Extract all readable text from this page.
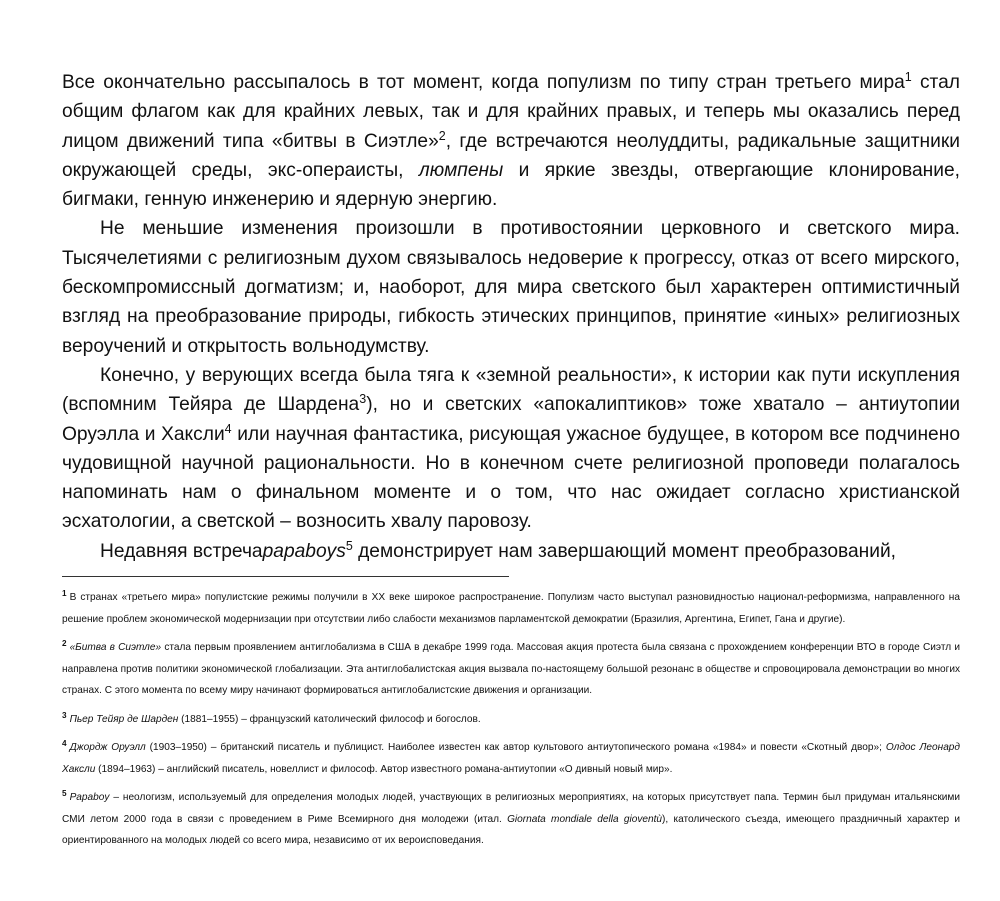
Все окончательно рассыпалось в тот момент, когда популизм по типу стран третьего мира$^1$ стал общим флагом как для крайних левых, так и для крайних правых, и теперь мы оказались перед лицом движений типа «битвы в Сиэтле»$^2$, где встречаются неолуддиты, радикальные защитники окружающей среды, экс-операисты, люмпены и яркие звезды, отвергающие клонирование, бигмаки, генную инженерию и ядерную энергию.

Не меньшие изменения произошли в противостоянии церковного и светского мира. Тысячелетиями с религиозным духом связывалось недоверие к прогрессу, отказ от всего мирского, бескомпромиссный догматизм; и, наоборот, для мира светского был характерен оптимистичный взгляд на преобразование природы, гибкость этических принципов, принятие «иных» религиозных вероучений и открытость вольнодумству.

Конечно, у верующих всегда была тяга к «земной реальности», к истории как пути искупления (вспомним Тейяра де Шардена$^3$), но и светских «апокалиптиков» тоже хватало – антиутопии Оруэлла и Хаксли$^4$ или научная фантастика, рисующая ужасное будущее, в котором все подчинено чудовищной научной рациональности. Но в конечном счете религиозной проповеди полагалось напоминать нам о финальном моменте и о том, что нас ожидает согласно христианской эсхатологии, а светской – возносить хвалу паровозу.

Недавняя встречаpapaboys$^5$ демонстрирует нам завершающий момент преобразований,

$^1$ В странах «третьего мира» популистские режимы получили в XX веке широкое распространение. Популизм часто выступал разновидностью национал-реформизма, направленного на решение проблем экономической модернизации при отсутствии либо слабости механизмов парламентской демократии (Бразилия, Аргентина, Египет, Гана и другие).

$^2$ «Битва в Сиэтле» стала первым проявлением антиглобализма в США в декабре 1999 года. Массовая акция протеста была связана с прохождением конференции ВТО в городе Сиэтл и направлена против политики экономической глобализации. Эта антиглобалистская акция вызвала по-настоящему большой резонанс в обществе и спровоцировала демонстрации во многих странах. С этого момента по всему миру начинают формироваться антиглобалистские движения и организации.

$^3$ Пьер Тейяр де Шарден (1881–1955) – французский католический философ и богослов.

$^4$ Джордж Оруэлл (1903–1950) – британский писатель и публицист. Наиболее известен как автор культового антиутопического романа «1984» и повести «Скотный двор»; Олдос Леонард Хаксли (1894–1963) – английский писатель, новеллист и философ. Автор известного романа-антиутопии «О дивный новый мир».

$^5$ Papaboy – неологизм, используемый для определения молодых людей, участвующих в религиозных мероприятиях, на которых присутствует папа. Термин был придуман итальянскими СМИ летом 2000 года в связи с проведением в Риме Всемирного дня молодежи (итал. Giornata mondiale della gioventù), католического съезда, имеющего праздничный характер и ориентированного на молодых людей со всего мира, независимо от их вероисповедания.
